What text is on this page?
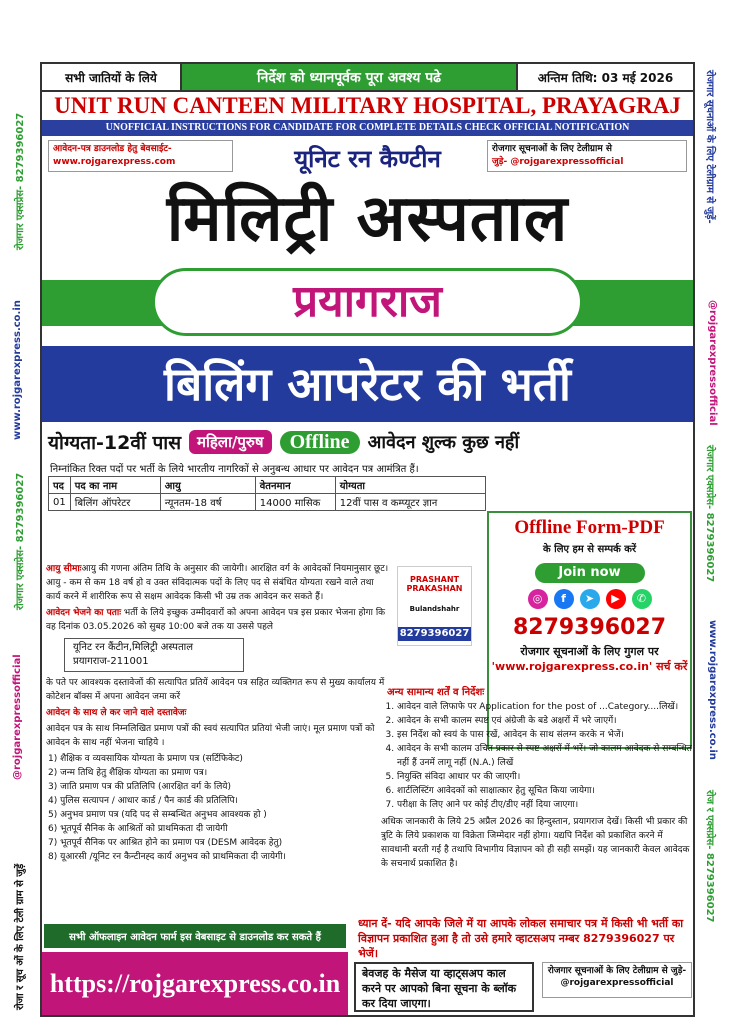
रोजगार एक्सप्रेस- 8279396027
www.rojgarexpress.co.in
रोजगार एक्सप्रेस- 8279396027
@rojgarexpressofficial
रोजा र सूच ओं के लिए टेली ग्राम से जुड़ें
रोजगार सूचनाओं के लिए टेलीग्राम से जुड़ें-
@rojgarexpressofficial
रोजगार एक्सप्रेस- 8279396027
www.rojgarexpress.co.in
रोज र एक्सप्रेस- 8279396027
सभी जातियों के लिये	निर्देश को ध्यानपूर्वक पूरा अवश्य पढे	अन्तिम तिथि: 03 मई 2026
UNIT RUN CANTEEN MILITARY HOSPITAL, PRAYAGRAJ
UNOFFICIAL INSTRUCTIONS FOR CANDIDATE FOR COMPLETE DETAILS CHECK OFFICIAL NOTIFICATION
यूनिट रन कैण्टीन
आवेदन-पत्र डाउनलोड हेतु बेवसाईट-
www.rojgarexpress.com
रोजगार सूचनाओं के लिए टेलीग्राम से
जुड़े- @rojgarexpressofficial
मिलिट्री अस्पताल
प्रयागराज
बिलिंग आपरेटर की भर्ती
योग्यता-12वीं पास	महिला/पुरुष	Offline	आवेदन शुल्क कुछ नहीं
निम्नांकित रिक्त पदों पर भर्ती के लिये भारतीय नागरिकों से अनुबन्ध आधार पर आवेदन पत्र आमंत्रित हैं।
पद	पद का नाम	आयु	वेतनमान	योग्यता
01	बिलिंग ऑपरेटर	न्यूनतम-18 वर्ष	14000 मासिक	12वीं पास व कम्प्यूटर ज्ञान
Offline Form-PDF
के लिए हम से सम्पर्क करें
Join now
◎	f	➤	▶	✆
8279396027
रोजगार सूचनाओं के लिए गुगल पर
'www.rojgarexpress.co.in' सर्च करें
PRASHANT PRAKASHAN
Bulandshahr
8279396027

आयु सीमाःआयु की गणना अंतिम तिथि के अनुसार की जायेगी। आरक्षित वर्ग के आवेदकों नियमानुसार छूट। आयु - कम से कम 18 वर्ष हो व उक्त संविदात्मक पदों के लिए पद से संबंधित योग्यता रखने वाले तथा कार्य करने में शारीरिक रूप से सक्षम आवेदक किसी भी उम्र तक आवेदन कर सकते हैं।

आवेदन भेजने का पताः भर्ती के लिये इच्छुक उम्मीदवारों को अपना आवेदन पत्र इस प्रकार भेजना होगा कि वह दिनांक 03.05.2026 को सुबह 10:00 बजे तक या उससे पहले

यूनिट रन कैंटीन,मिलिट्री अस्पताल
प्रयागराज-211001

के पते पर आवश्यक दस्तावेजों की सत्यापित प्रतियें आवेदन पत्र सहित व्यक्तिगत रूप से मुख्य कार्यालय में कोटेशन बॉक्स में अपना आवेदन जमा करें

आवेदन के साथ ले कर जाने वाले दस्तावेजः

आवेदन पत्र के साथ निम्नलिखित प्रमाण पत्रों की स्वयं सत्यापित प्रतियां भेजी जाएं। मूल प्रमाण पत्रों को आवेदन के साथ नहीं भेजना चाहिये ।

1) शैक्षिक व व्यवसायिक योग्यता के प्रमाण पत्र (सर्टिफिकेट)
2) जन्म तिथि हेतु शैक्षिक योग्यता का प्रमाण पत्र।
3) जाति प्रमाण पत्र की प्रतिलिपि (आरक्षित वर्ग के लिये)
4) पुलिस सत्यापन / आधार कार्ड / पैन कार्ड की प्रतिलिपि।
5) अनुभव प्रमाण पत्र (यदि पद से सम्बन्धित अनुभव आवश्यक हो )
6) भूतपूर्व सैनिक के आश्रितों को प्राथमिकता दी जायेगी
7) भूतपूर्व सैनिक पर आश्रित होने का प्रमाण पत्र (DESM आवेदक हेतु)
8) यूआरसी /यूनिट रन कैन्टीनह्द कार्य अनुभव को प्राथमिकता दी जायेगी।
अन्य सामान्य शर्तें व निर्देशः
1. आवेदन वाले लिफाफे पर Application for the post of ...Category....लिखें।
2. आवेदन के सभी कालम स्पष्ट एवं अंग्रेजी के बडे अक्षरों में भरे जाएगें।
3. इस निर्देश को स्वयं के पास रखें, आवेदन के साथ संलग्न करके न भेजें।
4. आवेदन के सभी कालम उचित प्रकार से स्पष्ट अक्षरों में भरें। जो कालम आवेदक से सम्बन्धित नहीं हैं उनमें लागू नहीं (N.A.) लिखें
5. नियुक्ति संविदा आधार पर की जाएगी।
6. शार्टलिस्टिंग आवेदकों को साक्षात्कार हेतु सूचित किया जायेगा।
7. परीक्षा के लिए आने पर कोई टीए/डीए नहीं दिया जाएगा।
अधिक जानकारी के लिये 25 अप्रैल 2026 का हिन्दुस्तान, प्रयागराज देखें। किसी भी प्रकार की त्रुटि के लिये प्रकाशक या विक्रेता जिम्मेदार नहीं होगा। यद्यपि निर्देश को प्रकाशित करने में सावधानी बरती गई है तथापि विभागीय विज्ञापन को ही सही समझें। यह जानकारी केवल आवेदक के सचनार्थ प्रकाशित है।
सभी ऑफलाइन आवेदन फार्म इस वेबसाइट से डाउनलोड कर सकते हैं
https://rojgarexpress.co.in
ध्यान दें- यदि आपके जिले में या आपके लोकल समाचार पत्र में किसी भी भर्ती का विज्ञापन प्रकाशित हुआ है तो उसे हमारे व्हाटसअप नम्बर 8279396027 पर भेजें।
बेवजह के मैसेज या व्हाट्सअप काल करने पर आपको बिना सूचना के ब्लॉक कर दिया जाएगा।
रोजगार सूचनाओं के लिए टेलीग्राम से जुड़े- @rojgarexpressofficial
